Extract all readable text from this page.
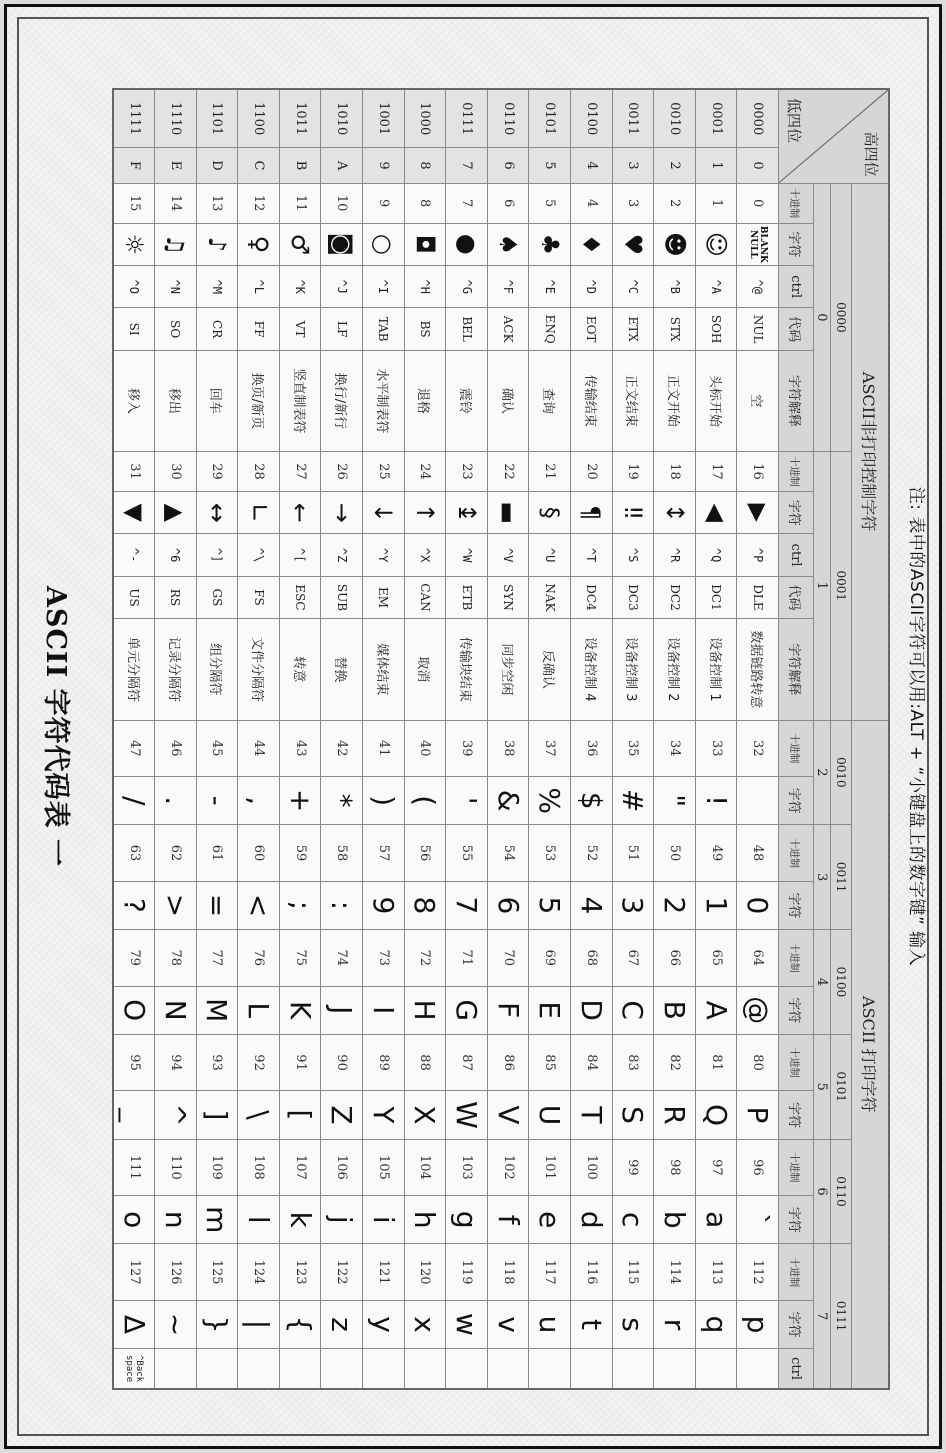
ASCII 字符代码表 一
高四位
低四位		ASCII非打印控制字符										ASCII 打印字符												
		0000					0001					0010		0011		0100		0101		0110		0111		
		0					1					2		3		4		5		6		7		
		十进制	字符	ctrl	代码	字符解释	十进制	字符	ctrl	代码	字符解释	十进制	字符	十进制	字符	十进制	字符	十进制	字符	十进制	字符	十进制	字符	ctrl
0000	0	0	BLANK NULL	^@	NUL	空	16	▶	^P	DLE	数据链路转意	32		48	0	64	@	80	P	96	`	112	p	
0001	1	1	☺	^A	SOH	头标开始	17	◀	^Q	DC1	设备控制 1	33	!	49	1	65	A	81	Q	97	a	113	q	
0010	2	2	☻	^B	STX	正文开始	18	↕	^R	DC2	设备控制 2	34	"	50	2	66	B	82	R	98	b	114	r	
0011	3	3	♥	^C	ETX	正文结束	19	‼	^S	DC3	设备控制 3	35	#	51	3	67	C	83	S	99	c	115	s	
0100	4	4	♦	^D	EOT	传输结束	20	¶	^T	DC4	设备控制 4	36	$	52	4	68	D	84	T	100	d	116	t	
0101	5	5	♣	^E	ENQ	查询	21	§	^U	NAK	反确认	37	%	53	5	69	E	85	U	101	e	117	u	
0110	6	6	♠	^F	ACK	确认	22	▬	^V	SYN	同步空闲	38	&	54	6	70	F	86	V	102	f	118	v	
0111	7	7	●	^G	BEL	震铃	23	↨	^W	ETB	传输块结束	39	'	55	7	71	G	87	W	103	g	119	w	
1000	8	8	◘	^H	BS	退格	24	↑	^X	CAN	取消	40	(	56	8	72	H	88	X	104	h	120	x	
1001	9	9	○	^I	TAB	水平制表符	25	↓	^Y	EM	媒体结束	41	)	57	9	73	I	89	Y	105	i	121	y	
1010	A	10	◙	^J	LF	换行/新行	26	→	^Z	SUB	替换	42	*	58	:	74	J	90	Z	106	j	122	z	
1011	B	11	♂	^K	VT	竖直制表符	27	←	^[	ESC	转意	43	+	59	;	75	K	91	[	107	k	123	{	
1100	C	12	♀	^L	FF	换页/新页	28	∟	^\	FS	文件分隔符	44	,	60	<	76	L	92	\	108	l	124	|	
1101	D	13	♪	^M	CR	回车	29	↔	^]	GS	组分隔符	45	-	61	=	77	M	93	]	109	m	125	}	
1110	E	14	♫	^N	SO	移出	30	▲	^6	RS	记录分隔符	46	.	62	>	78	N	94	^	110	n	126	~	
1111	F	15	☼	^O	SI	移入	31	▼	^-	US	单元分隔符	47	/	63	?	79	O	95	_	111	o	127	Δ	^Back space
注: 表中的ASCII字符可以用:ALT + “小键盘上的数字键” 输入
